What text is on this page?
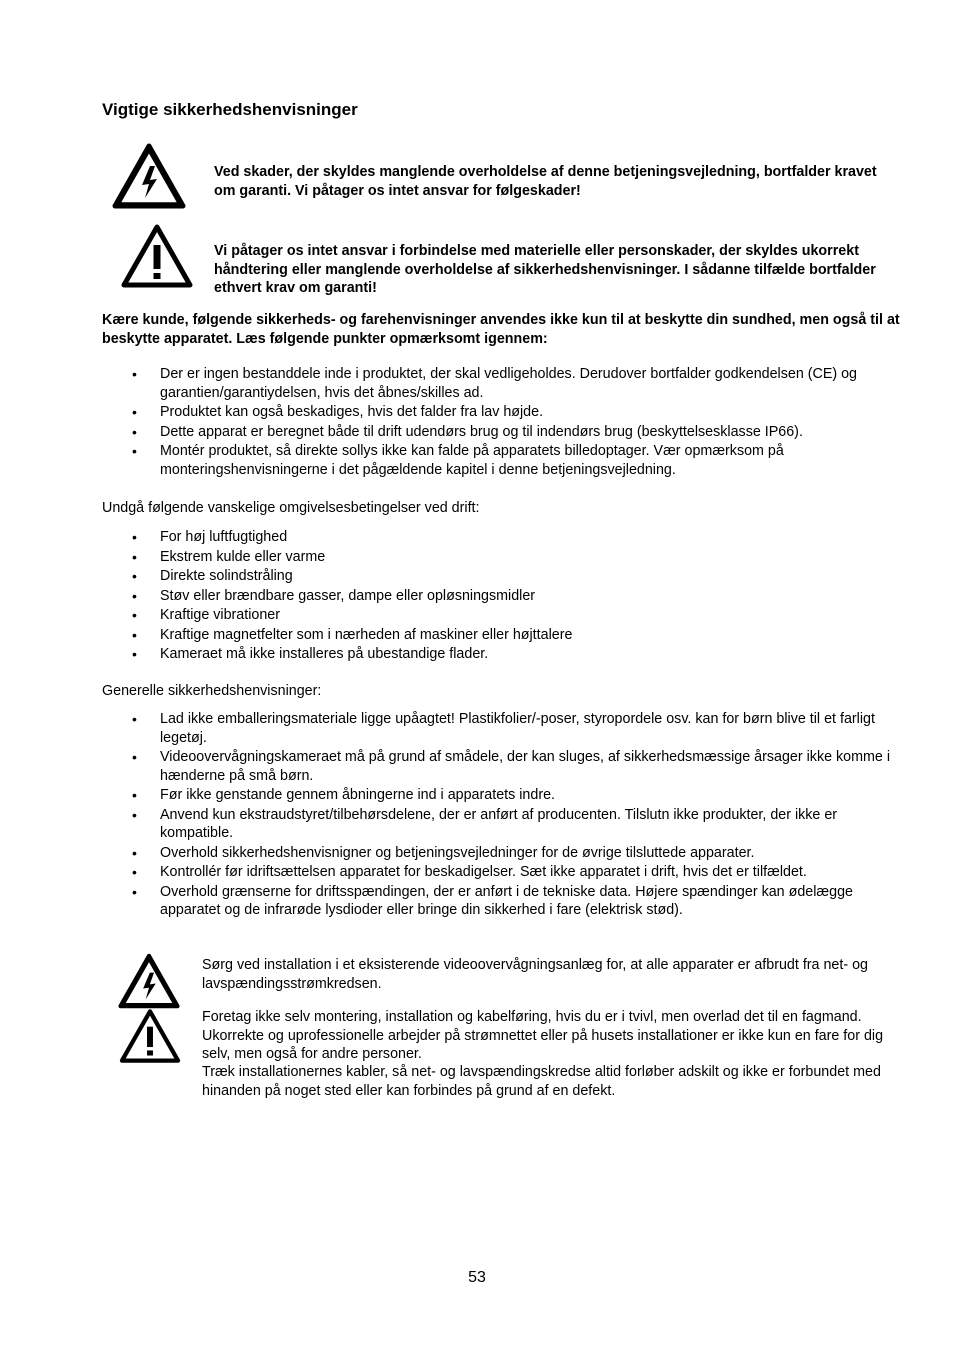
Vigtige sikkerhedshenvisninger
Ved skader, der skyldes manglende overholdelse af denne betjeningsvejledning, bortfalder kravet om garanti. Vi påtager os intet ansvar for følgeskader!
Vi påtager os intet ansvar i forbindelse med materielle eller personskader, der skyldes ukorrekt håndtering eller manglende overholdelse af sikkerhedshenvisninger. I sådanne tilfælde bortfalder ethvert krav om garanti!
Kære kunde, følgende sikkerheds- og farehenvisninger anvendes ikke kun til at beskytte din sundhed, men også til at beskytte apparatet. Læs følgende punkter opmærksomt igennem:
• Der er ingen bestanddele inde i produktet, der skal vedligeholdes. Derudover bortfalder godkendelsen (CE) og garantien/garantiydelsen, hvis det åbnes/skilles ad.
• Produktet kan også beskadiges, hvis det falder fra lav højde.
• Dette apparat er beregnet både til drift udendørs brug og til indendørs brug (beskyttelsesklasse IP66).
• Montér produktet, så direkte sollys ikke kan falde på apparatets billedoptager. Vær opmærksom på monteringshenvisningerne i det pågældende kapitel i denne betjeningsvejledning.
Undgå følgende vanskelige omgivelsesbetingelser ved drift:
• For høj luftfugtighed
• Ekstrem kulde eller varme
• Direkte solindstråling
• Støv eller brændbare gasser, dampe eller opløsningsmidler
• Kraftige vibrationer
• Kraftige magnetfelter som i nærheden af maskiner eller højttalere
• Kameraet må ikke installeres på ubestandige flader.
Generelle sikkerhedshenvisninger:
• Lad ikke emballeringsmateriale ligge upåagtet! Plastikfolier/-poser, styropordele osv. kan for børn blive til et farligt legetøj.
• Videoovervågningskameraet må på grund af smådele, der kan sluges, af sikkerhedsmæssige årsager ikke komme i hænderne på små børn.
• Før ikke genstande gennem åbningerne ind i apparatets indre.
• Anvend kun ekstraudstyret/tilbehørsdelene, der er anført af producenten. Tilslutn ikke produkter, der ikke er kompatible.
• Overhold sikkerhedshenvisnigner og betjeningsvejledninger for de øvrige tilsluttede apparater.
• Kontrollér før idriftsættelsen apparatet for beskadigelser. Sæt ikke apparatet i drift, hvis det er tilfældet.
• Overhold grænserne for driftsspændingen, der er anført i de tekniske data. Højere spændinger kan ødelægge apparatet og de infrarøde lysdioder eller bringe din sikkerhed i fare (elektrisk stød).
Sørg ved installation i et eksisterende videoovervågningsanlæg for, at alle apparater er afbrudt fra net- og lavspændingsstrømkredsen.
Foretag ikke selv montering, installation og kabelføring, hvis du er i tvivl, men overlad det til en fagmand. Ukorrekte og uprofessionelle arbejder på strømnettet eller på husets installationer er ikke kun en fare for dig selv, men også for andre personer.
Træk installationernes kabler, så net- og lavspændingskredse altid forløber adskilt og ikke er forbundet med hinanden på noget sted eller kan forbindes på grund af en defekt.
53
